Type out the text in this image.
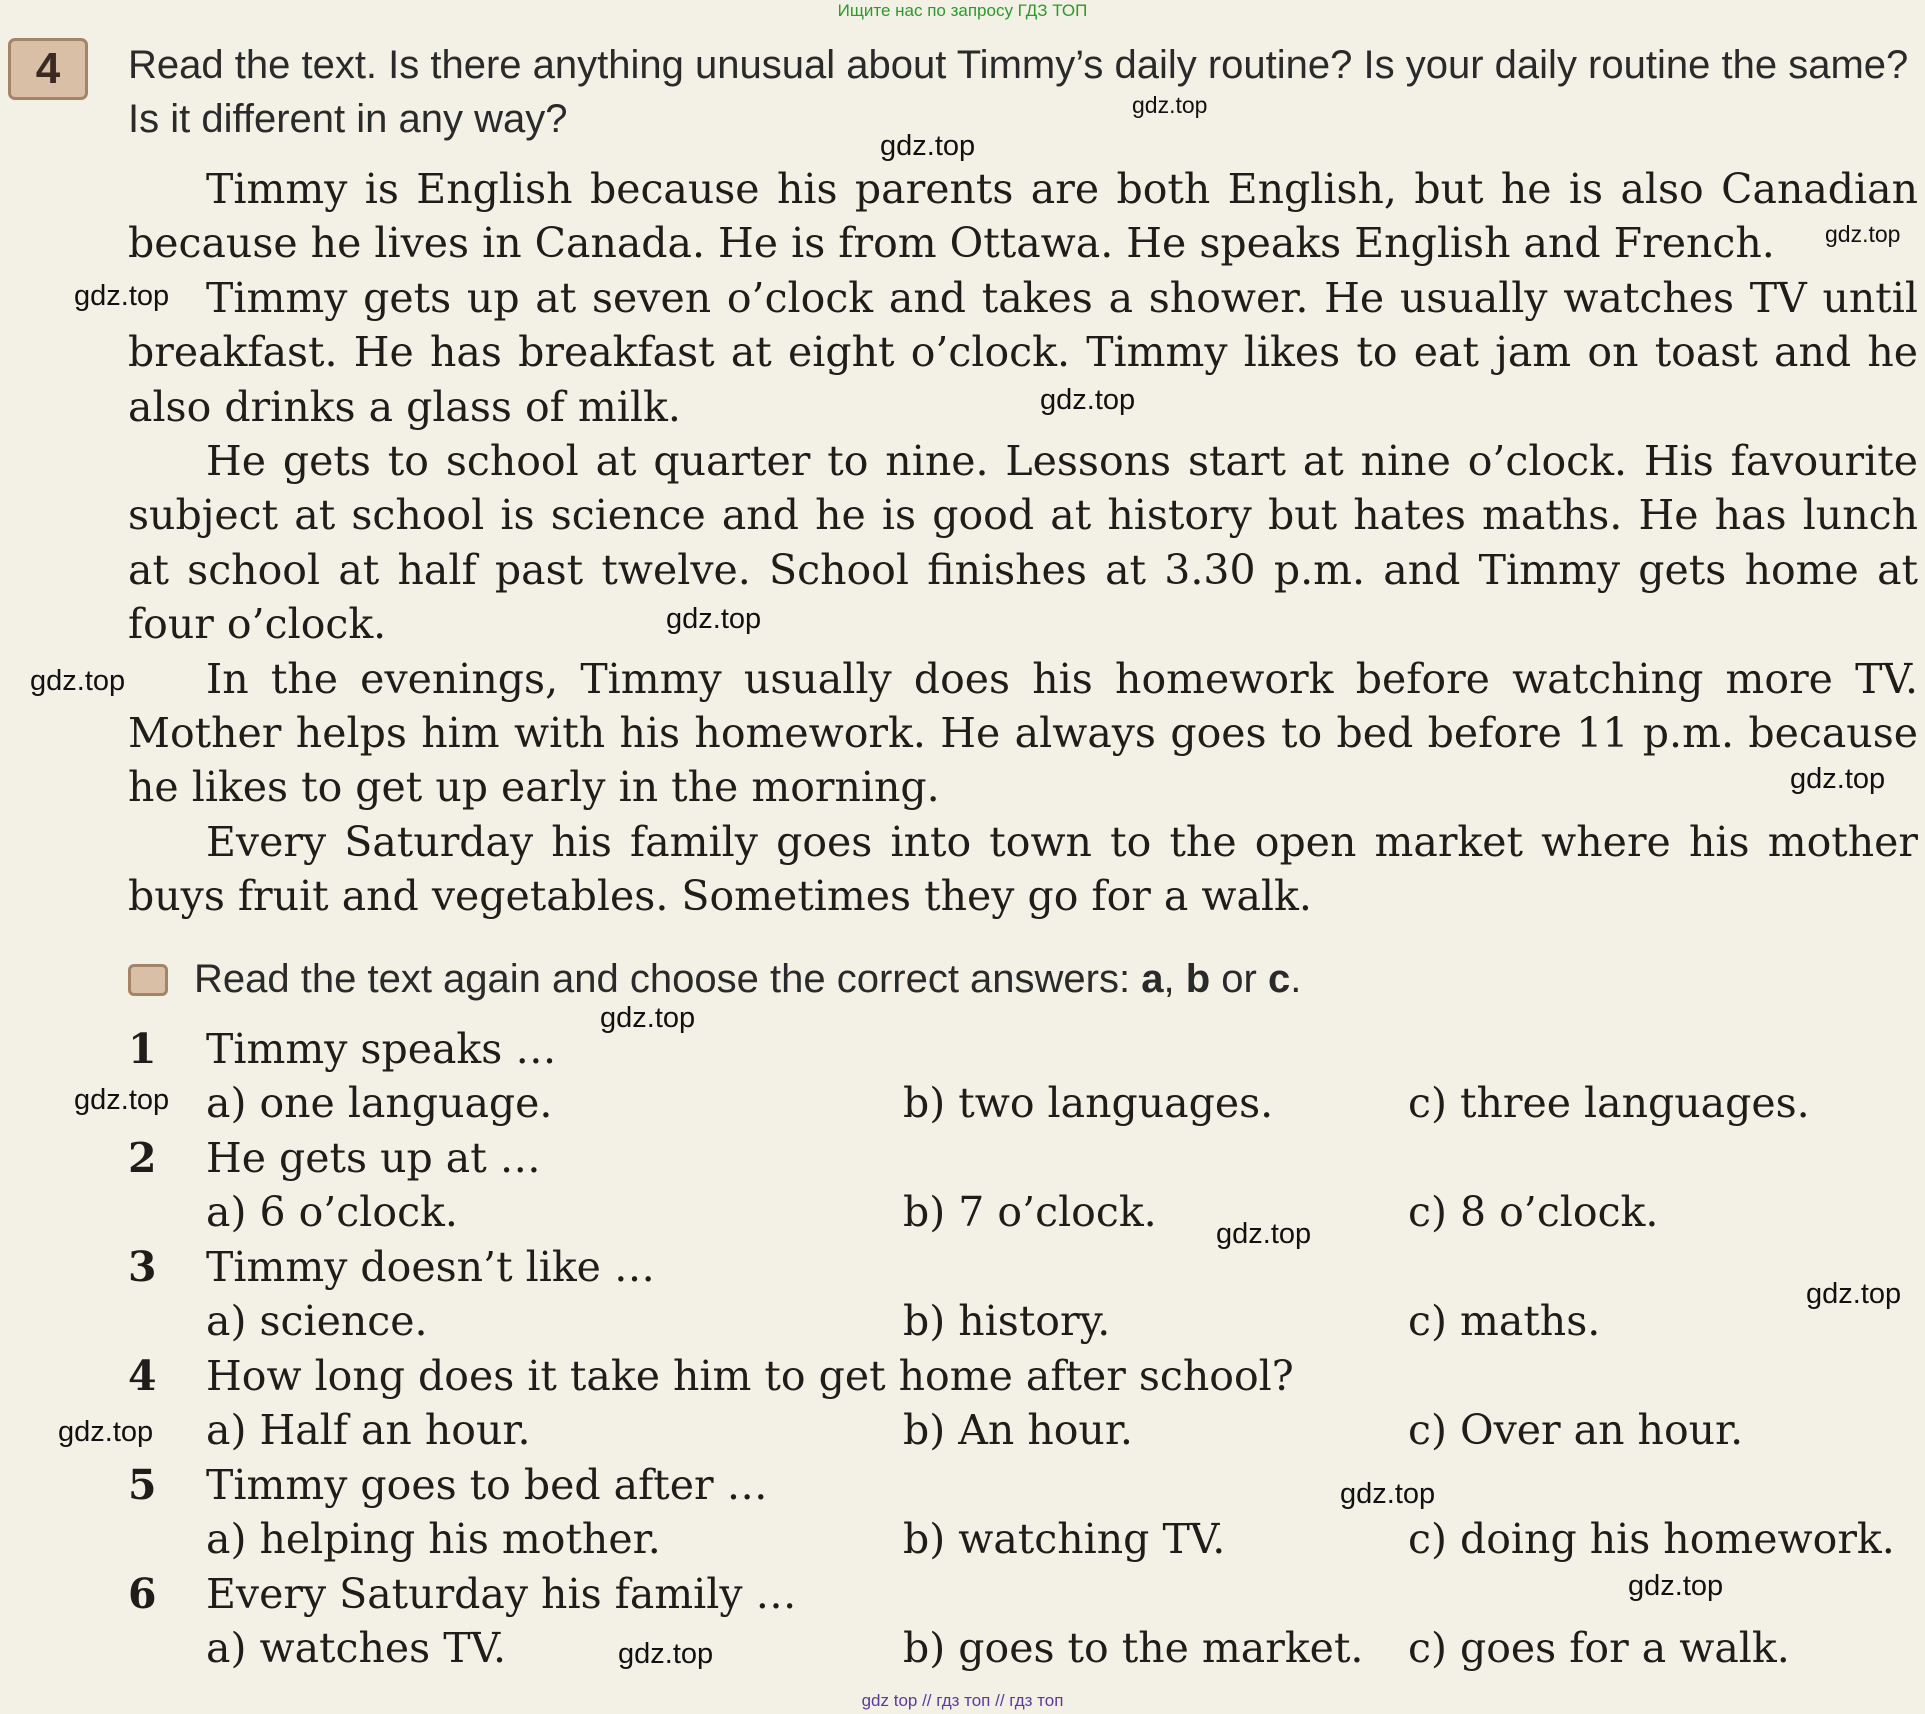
Ищите нас по запросу ГДЗ ТОП
4	Read the text. Is there anything unusual about Timmy’s daily routine? Is your daily routine the same? Is it different in any way?

Timmy is English because his parents are both English, but he is also Canadian because he lives in Canada. He is from Ottawa. He speaks English and French.

Timmy gets up at seven o’clock and takes a shower. He usually watches TV until breakfast. He has breakfast at eight o’clock. Timmy likes to eat jam on toast and he also drinks a glass of milk.

He gets to school at quarter to nine. Lessons start at nine o’clock. His favourite subject at school is science and he is good at history but hates maths. He has lunch at school at half past twelve. School finishes at 3.30 p.m. and Timmy gets home at four o’clock.

In the evenings, Timmy usually does his homework before watching more TV. Mother helps him with his homework. He always goes to bed before 11 p.m. because he likes to get up early in the morning.

Every Saturday his family goes into town to the open market where his mother buys fruit and vegetables. Sometimes they go for a walk.

Read the text again and choose the correct answers: a, b or c.

1 Timmy speaks …
a) one language.	b) two languages.	c) three languages.
2 He gets up at …
a) 6 o’clock.	b) 7 o’clock.	c) 8 o’clock.
3 Timmy doesn’t like …
a) science.	b) history.	c) maths.
4 How long does it take him to get home after school?
a) Half an hour.	b) An hour.	c) Over an hour.
5 Timmy goes to bed after …
a) helping his mother.	b) watching TV.	c) doing his homework.
6 Every Saturday his family …
a) watches TV.	b) goes to the market. c) goes for a walk.
gdz.top
gdz.top
gdz.top
gdz.top
gdz.top
gdz.top
gdz.top
gdz.top
gdz.top
gdz.top
gdz.top
gdz.top
gdz.top
gdz.top
gdz.top
gdz.top
gdz top // гдз топ // гдз топ
